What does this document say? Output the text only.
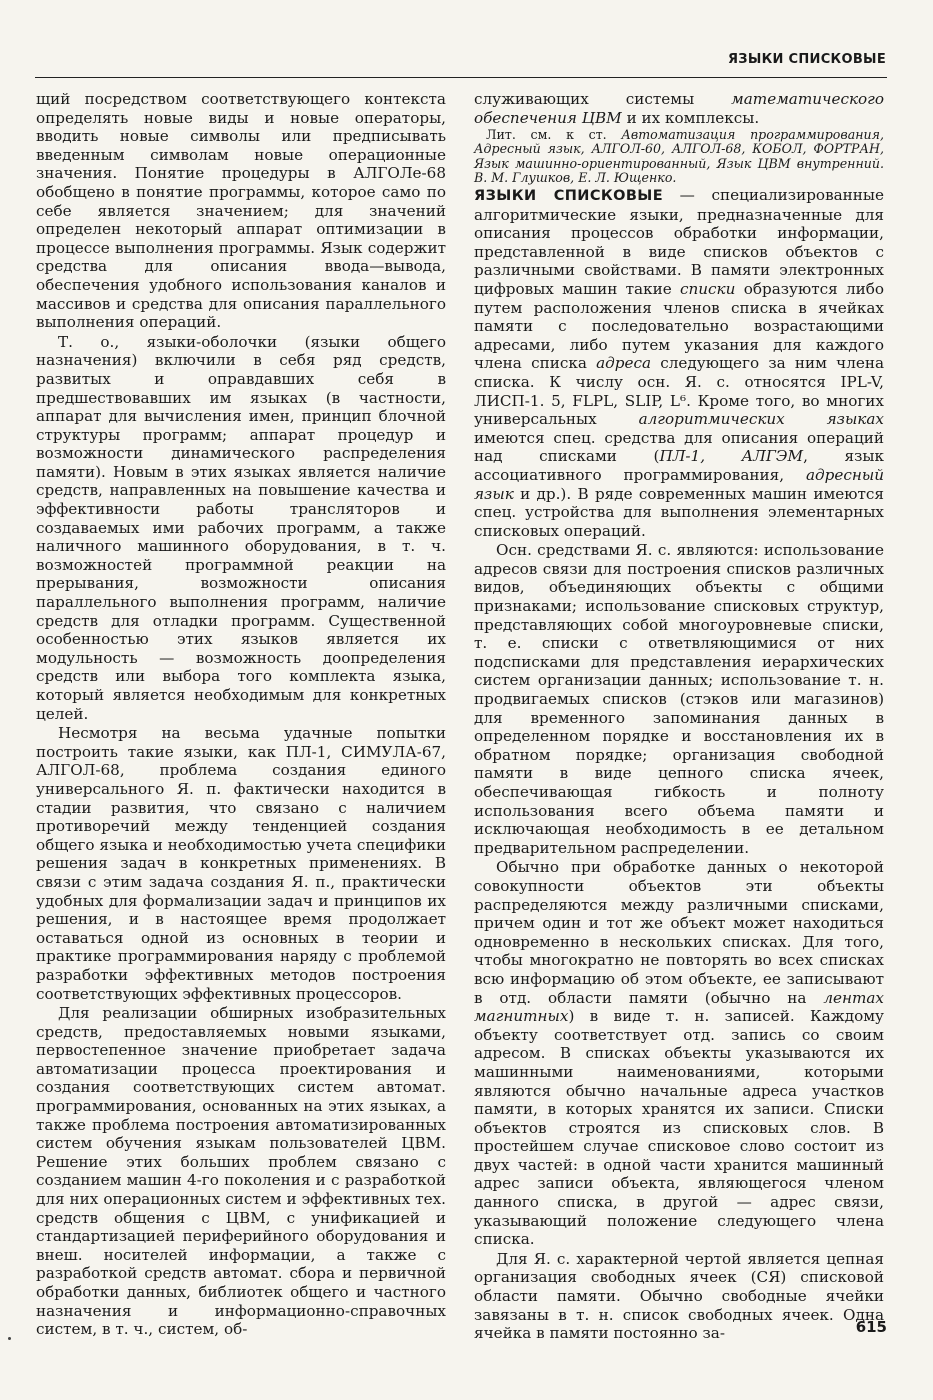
ЯЗЫКИ СПИСКОВЫЕ

щий посредством соответствующего контекста определять новые виды и новые операторы, вводить новые символы или предписывать введенным символам новые операционные значения. Понятие процедуры в АЛГОЛе-68 обобщено в понятие программы, которое само по себе является значением; для значений определен некоторый аппарат оптимизации в процессе выполнения программы. Язык содержит средства для описания ввода—вывода, обеспечения удобного использования каналов и массивов и средства для описания параллельного выполнения операций.

Т. о., языки-оболочки (языки общего назначения) включили в себя ряд средств, развитых и оправдавших себя в предшествовавших им языках (в частности, аппарат для вычисления имен, принцип блочной структуры программ; аппарат процедур и возможности динамического распределения памяти). Новым в этих языках является наличие средств, направленных на повышение качества и эффективности работы трансляторов и создаваемых ими рабочих программ, а также наличного машинного оборудования, в т. ч. возможностей программной реакции на прерывания, возможности описания параллельного выполнения программ, наличие средств для отладки программ. Существенной особенностью этих языков является их модульность — возможность доопределения средств или выбора того комплекта языка, который является необходимым для конкретных целей.

Несмотря на весьма удачные попытки построить такие языки, как ПЛ-1, СИМУЛА-67, АЛГОЛ-68, проблема создания единого универсального Я. п. фактически находится в стадии развития, что связано с наличием противоречий между тенденцией создания общего языка и необходимостью учета специфики решения задач в конкретных применениях. В связи с этим задача создания Я. п., практически удобных для формализации задач и принципов их решения, и в настоящее время продолжает оставаться одной из основных в теории и практике программирования наряду с проблемой разработки эффективных методов построения соответствующих эффективных процессоров.

Для реализации обширных изобразительных средств, предоставляемых новыми языками, первостепенное значение приобретает задача автоматизации процесса проектирования и создания соответствующих систем автомат. программирования, основанных на этих языках, а также проблема построения автоматизированных систем обучения языкам пользователей ЦВМ. Решение этих больших проблем связано с созданием машин 4-го поколения и с разработкой для них операционных систем и эффективных тех. средств общения с ЦВМ, с унификацией и стандартизацией периферийного оборудования и внеш. носителей информации, а также с разработкой средств автомат. сбора и первичной обработки данных, библиотек общего и частного назначения и информационно-справочных систем, в т. ч., систем, об-

служивающих системы математического обеспечения ЦВМ и их комплексы.

Лит. см. к ст. Автоматизация программирования, Адресный язык, АЛГОЛ-60, АЛГОЛ-68, КОБОЛ, ФОРТРАН, Язык машинно-ориентированный, Язык ЦВМ внутренний. В. М. Глушков, Е. Л. Ющенко.

ЯЗЫКИ СПИСКОВЫЕ — специализированные алгоритмические языки, предназначенные для описания процессов обработки информации, представленной в виде списков объектов с различными свойствами. В памяти электронных цифровых машин такие списки образуются либо путем расположения членов списка в ячейках памяти с последовательно возрастающими адресами, либо путем указания для каждого члена списка адреса следующего за ним члена списка. К числу осн. Я. с. относятся IPL-V, ЛИСП-1. 5, FLPL, SLIP, L⁶. Кроме того, во многих универсальных	алгоритмических языках имеются спец. средства для описания операций над списками (ПЛ-1, АЛГЭМ, язык ассоциативного программирования, адресный язык и др.). В ряде современных машин имеются спец. устройства для выполнения элементарных списковых операций.

Осн. средствами Я. с. являются: использование адресов связи для построения списков различных видов, объединяющих объекты с общими признаками; использование списковых структур, представляющих собой многоуровневые списки, т. е. списки с ответвляющимися от них подсписками для представления иерархических систем организации данных; использование т. н. продвигаемых списков (стэков или магазинов) для временного запоминания данных в определенном порядке и восстановления их в обратном порядке; организация свободной памяти в виде цепного списка ячеек, обеспечивающая гибкость и полноту использования всего объема памяти и исключающая необходимость в ее детальном предварительном распределении.

Обычно при обработке данных о некоторой совокупности объектов эти объекты распределяются между различными списками, причем один и тот же объект может находиться одновременно в нескольких списках. Для того, чтобы многократно не повторять во всех списках всю информацию об этом объекте, ее записывают в отд. области памяти (обычно на лентах магнитных) в виде т. н. записей. Каждому объекту соответствует отд. запись со своим адресом. В списках объекты указываются их машинными наименованиями, которыми являются обычно начальные адреса участков памяти, в которых хранятся их записи. Списки объектов строятся из списковых слов. В простейшем случае списковое слово состоит из двух частей: в одной части хранится машинный адрес записи объекта, являющегося членом данного списка, в другой — адрес связи, указывающий положение следующего члена списка.

Для Я. с. характерной чертой является цепная организация свободных ячеек (СЯ) списковой области памяти. Обычно свободные ячейки завязаны в т. н. список свободных ячеек. Одна ячейка в памяти постоянно за-	615
